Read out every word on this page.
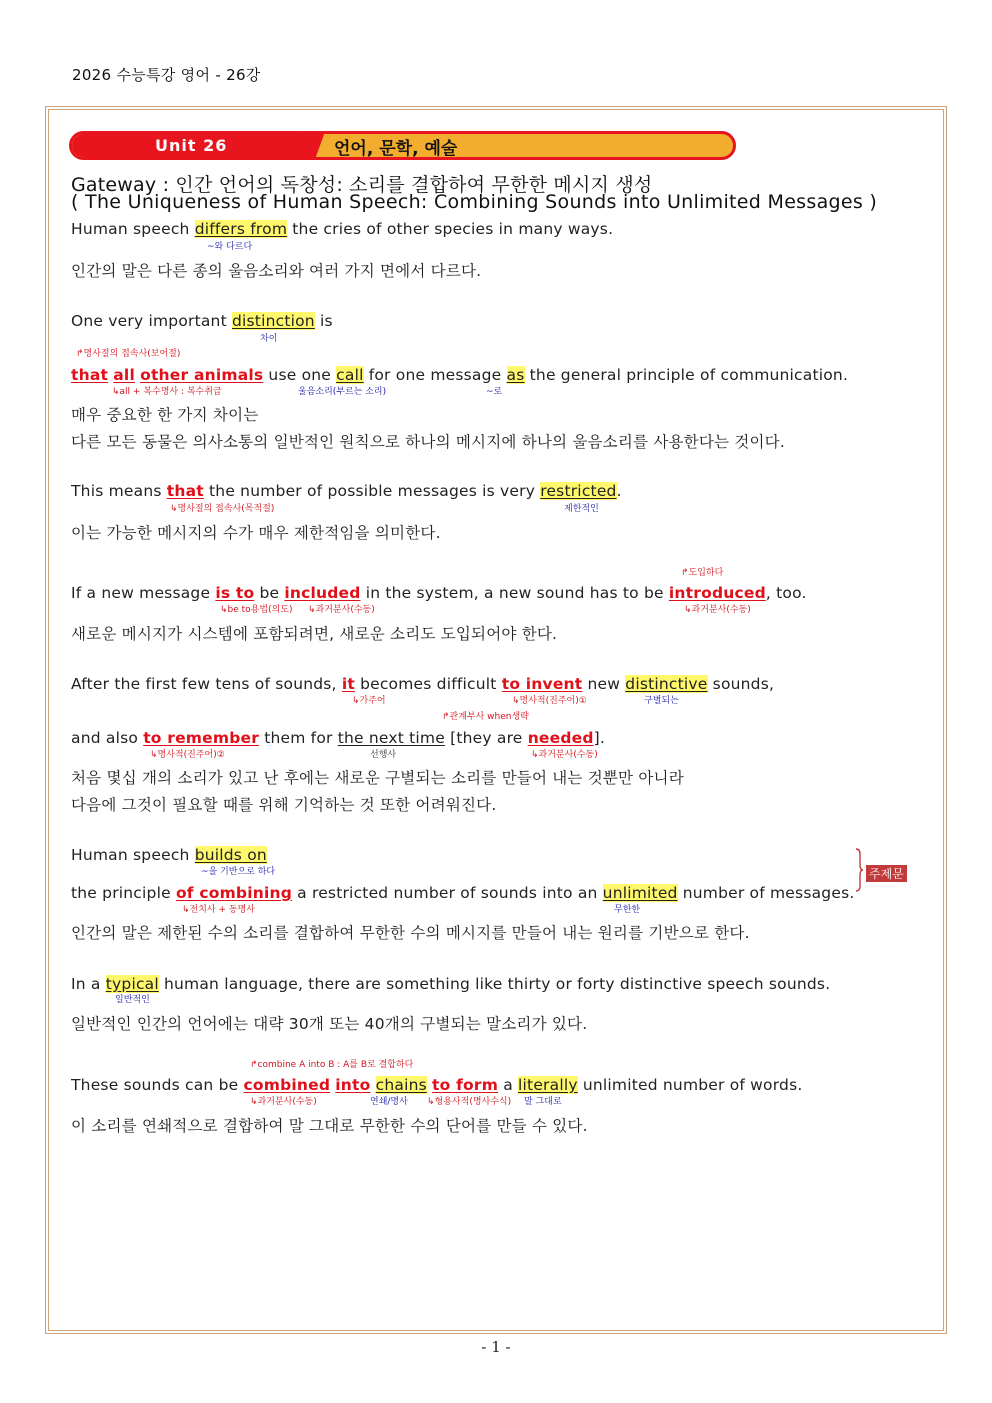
2026 수능특강 영어 - 26강
Unit 26	언어, 문학, 예술
Gateway : 인간 언어의 독창성: 소리를 결합하여 무한한 메시지 생성
( The Uniqueness of Human Speech: Combining Sounds into Unlimited Messages )
Human speech differs from the cries of other species in many ways.
~와 다르다
인간의 말은 다른 종의 울음소리와 여러 가지 면에서 다르다.
One very important distinction is
차이
↱명사절의 접속사(보어절)
that all other animals use one call for one message as the general principle of communication.
↳all + 복수명사 : 복수취급	울음소리(부르는 소리)	~로
매우 중요한 한 가지 차이는
다른 모든 동물은 의사소통의 일반적인 원칙으로 하나의 메시지에 하나의 울음소리를 사용한다는 것이다.
This means that the number of possible messages is very restricted.
↳명사절의 접속사(목적절)	제한적인
이는 가능한 메시지의 수가 매우 제한적임을 의미한다.
↱도입하다
If a new message is to be included in the system, a new sound has to be introduced, too.
↳be to용법(의도) ↳과거분사(수동)	↳과거분사(수동)
새로운 메시지가 시스템에 포함되려면, 새로운 소리도 도입되어야 한다.
After the first few tens of sounds, it becomes difficult to invent new distinctive sounds,
↳가주어	↳명사적(진주어)①	구별되는
↱관계부사 when생략
and also to remember them for the next time [they are needed].
↳명사적(진주어)②	선행사	↳과거분사(수동)
처음 몇십 개의 소리가 있고 난 후에는 새로운 구별되는 소리를 만들어 내는 것뿐만 아니라
다음에 그것이 필요할 때를 위해 기억하는 것 또한 어려워진다.
Human speech builds on
~을 기반으로 하다
the principle of combining a restricted number of sounds into an unlimited number of messages.
↳전치사 + 동명사	무한한
주제문
인간의 말은 제한된 수의 소리를 결합하여 무한한 수의 메시지를 만들어 내는 원리를 기반으로 한다.
In a typical human language, there are something like thirty or forty distinctive speech sounds.
일반적인
일반적인 인간의 언어에는 대략 30개 또는 40개의 구별되는 말소리가 있다.
↱combine A into B : A를 B로 결합하다
These sounds can be combined into chains to form a literally unlimited number of words.
↳과거분사(수동)	연쇄/명사 ↳형용사적(명사수식) 말 그대로
이 소리를 연쇄적으로 결합하여 말 그대로 무한한 수의 단어를 만들 수 있다.
- 1 -
